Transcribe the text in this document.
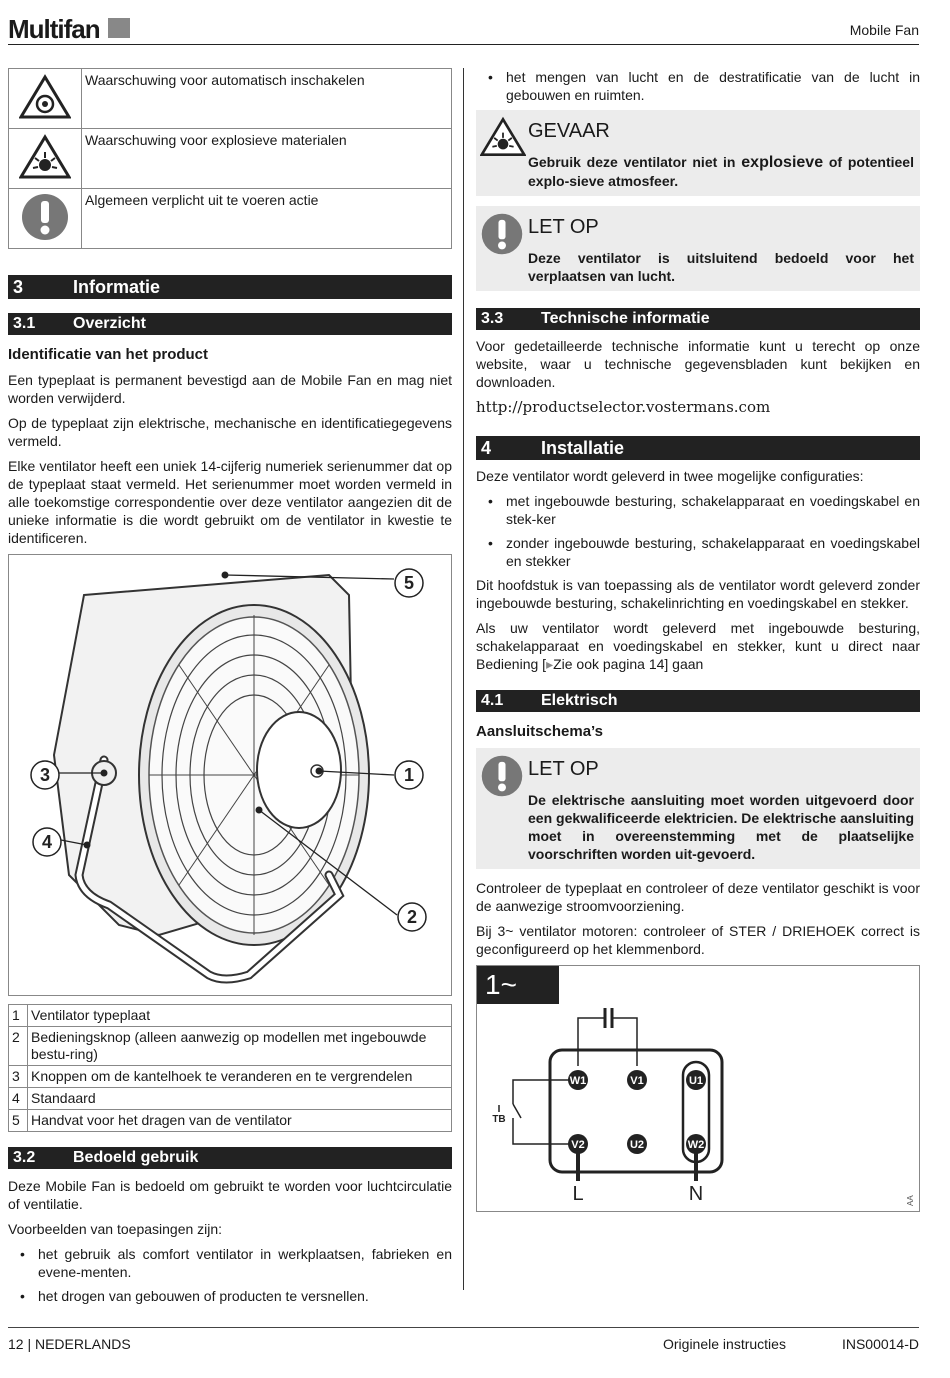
Multifan	Mobile Fan
	Waarschuwing voor automatisch inschakelen
	Waarschuwing voor explosieve materialen
	Algemeen verplicht uit te voeren actie
3	Informatie
3.1 Overzicht
Identificatie van het product

Een typeplaat is permanent bevestigd aan de Mobile Fan en mag niet worden verwijderd.

Op de typeplaat zijn elektrische, mechanische en identificatiegegevens vermeld.

Elke ventilator heeft een uniek 14-cijferig numeriek serienummer dat op de typeplaat staat vermeld. Het serienummer moet worden vermeld in alle toekomstige correspondentie over deze ventilator aangezien dit de unieke informatie is die wordt gebruikt om de ventilator in kwestie te identificeren.

5
1
2
3
4
1	Ventilator typeplaat
2	Bedieningsknop (alleen aanwezig op modellen met ingebouwde bestu-ring)
3	Knoppen om de kantelhoek te veranderen en te vergrendelen
4	Standaard
5	Handvat voor het dragen van de ventilator
3.2 Bedoeld gebruik

Deze Mobile Fan is bedoeld om gebruikt te worden voor luchtcirculatie of ventilatie.

Voorbeelden van toepasingen zijn:

• het gebruik als comfort ventilator in werkplaatsen, fabrieken en evene-menten.
• het drogen van gebouwen of producten te versnellen.
• het mengen van lucht en de destratificatie van de lucht in gebouwen en ruimten.
GEVAAR

Gebruik deze ventilator niet in explosieve of potentieel explo-sieve atmosfeer.

LET OP

Deze ventilator is uitsluitend bedoeld voor het verplaatsen van lucht.

3.3 Technische informatie

Voor gedetailleerde technische informatie kunt u terecht op onze website, waar u technische gegevensbladen kunt bekijken en downloaden.

http://productselector.vostermans.com

4	Installatie

Deze ventilator wordt geleverd in twee mogelijke configuraties:

• met ingebouwde besturing, schakelapparaat en voedingskabel en stek-ker
• zonder ingebouwde besturing, schakelapparaat en voedingskabel en stekker

Dit hoofdstuk is van toepassing als de ventilator wordt geleverd zonder ingebouwde besturing, schakelinrichting en voedingskabel en stekker.

Als uw ventilator wordt geleverd met ingebouwde besturing, schakelapparaat en voedingskabel en stekker, kunt u direct naar Bediening [▸Zie ook pagina 14] gaan

4.1 Elektrisch
Aansluitschema’s
LET OP

De elektrische aansluiting moet worden uitgevoerd door een gekwalificeerde elektricien. De elektrische aansluiting moet in overeenstemming met de plaatselijke voorschriften worden uit-gevoerd.

Controleer de typeplaat en controleer of deze ventilator geschikt is voor de aanwezige stroomvoorziening.

Bij 3~ ventilator motoren: controleer of STER / DRIEHOEK correct is geconfigureerd op het klemmenbord.

1~
W1	V1	U1
V2	U2	W2
TB
L	N	AA
12 | NEDERLANDS	Originele instructies	INS00014-D
